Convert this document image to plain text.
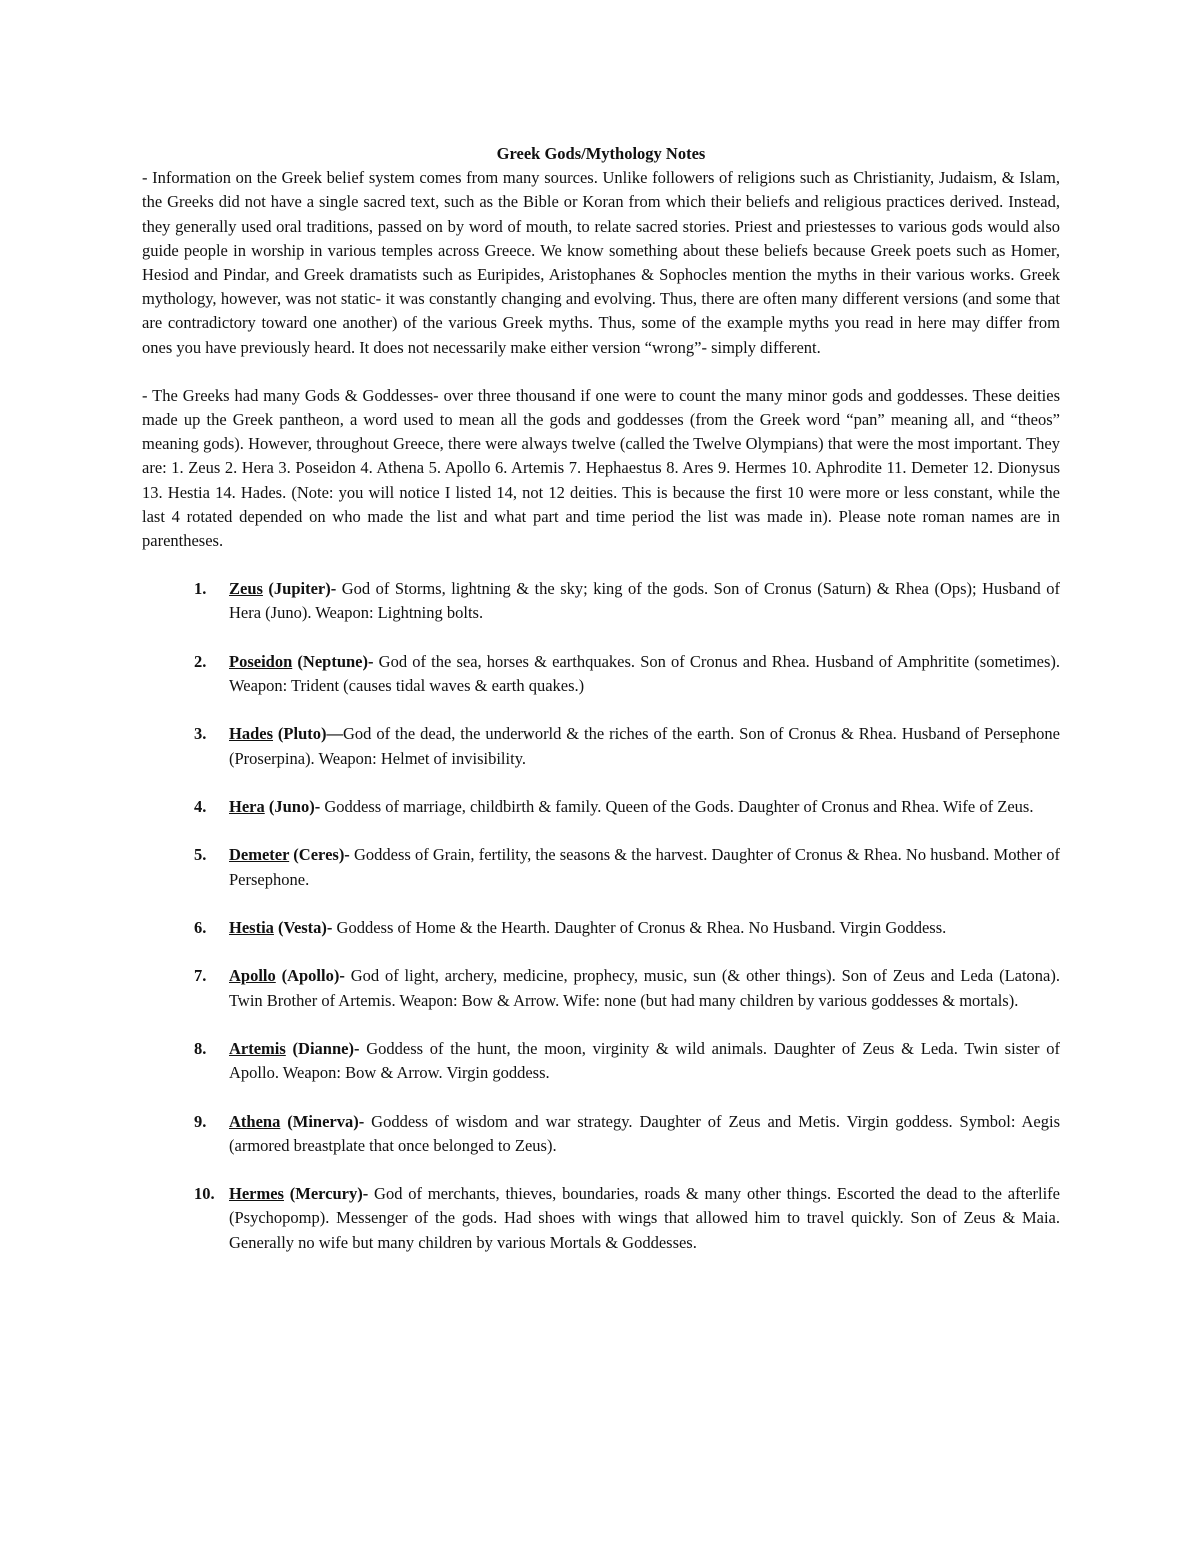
Greek Gods/Mythology Notes

- Information on the Greek belief system comes from many sources. Unlike followers of religions such as Christianity, Judaism, & Islam, the Greeks did not have a single sacred text, such as the Bible or Koran from which their beliefs and religious practices derived. Instead, they generally used oral traditions, passed on by word of mouth, to relate sacred stories. Priest and priestesses to various gods would also guide people in worship in various temples across Greece. We know something about these beliefs because Greek poets such as Homer, Hesiod and Pindar, and Greek dramatists such as Euripides, Aristophanes & Sophocles mention the myths in their various works. Greek mythology, however, was not static- it was constantly changing and evolving. Thus, there are often many different versions (and some that are contradictory toward one another) of the various Greek myths. Thus, some of the example myths you read in here may differ from ones you have previously heard. It does not necessarily make either version “wrong”- simply different.

- The Greeks had many Gods & Goddesses- over three thousand if one were to count the many minor gods and goddesses. These deities made up the Greek pantheon, a word used to mean all the gods and goddesses (from the Greek word “pan” meaning all, and “theos” meaning gods). However, throughout Greece, there were always twelve (called the Twelve Olympians) that were the most important. They are: 1. Zeus 2. Hera 3. Poseidon 4. Athena 5. Apollo 6. Artemis 7. Hephaestus 8. Ares 9. Hermes 10. Aphrodite 11. Demeter 12. Dionysus 13. Hestia 14. Hades. (Note: you will notice I listed 14, not 12 deities. This is because the first 10 were more or less constant, while the last 4 rotated depended on who made the list and what part and time period the list was made in). Please note roman names are in parentheses.

1. Zeus (Jupiter)- God of Storms, lightning & the sky; king of the gods. Son of Cronus (Saturn) & Rhea (Ops); Husband of Hera (Juno). Weapon: Lightning bolts.
2. Poseidon (Neptune)- God of the sea, horses & earthquakes. Son of Cronus and Rhea. Husband of Amphritite (sometimes). Weapon: Trident (causes tidal waves & earth quakes.)
3. Hades (Pluto)—God of the dead, the underworld & the riches of the earth. Son of Cronus & Rhea. Husband of Persephone (Proserpina). Weapon: Helmet of invisibility.
4. Hera (Juno)- Goddess of marriage, childbirth & family. Queen of the Gods. Daughter of Cronus and Rhea. Wife of Zeus.
5. Demeter (Ceres)- Goddess of Grain, fertility, the seasons & the harvest. Daughter of Cronus & Rhea. No husband. Mother of Persephone.
6. Hestia (Vesta)- Goddess of Home & the Hearth. Daughter of Cronus & Rhea. No Husband. Virgin Goddess.
7. Apollo (Apollo)- God of light, archery, medicine, prophecy, music, sun (& other things). Son of Zeus and Leda (Latona). Twin Brother of Artemis. Weapon: Bow & Arrow. Wife: none (but had many children by various goddesses & mortals).
8. Artemis (Dianne)- Goddess of the hunt, the moon, virginity & wild animals. Daughter of Zeus & Leda. Twin sister of Apollo. Weapon: Bow & Arrow. Virgin goddess.
9. Athena (Minerva)- Goddess of wisdom and war strategy. Daughter of Zeus and Metis. Virgin goddess. Symbol: Aegis (armored breastplate that once belonged to Zeus).
10. Hermes (Mercury)- God of merchants, thieves, boundaries, roads & many other things. Escorted the dead to the afterlife (Psychopomp). Messenger of the gods. Had shoes with wings that allowed him to travel quickly. Son of Zeus & Maia. Generally no wife but many children by various Mortals & Goddesses.
